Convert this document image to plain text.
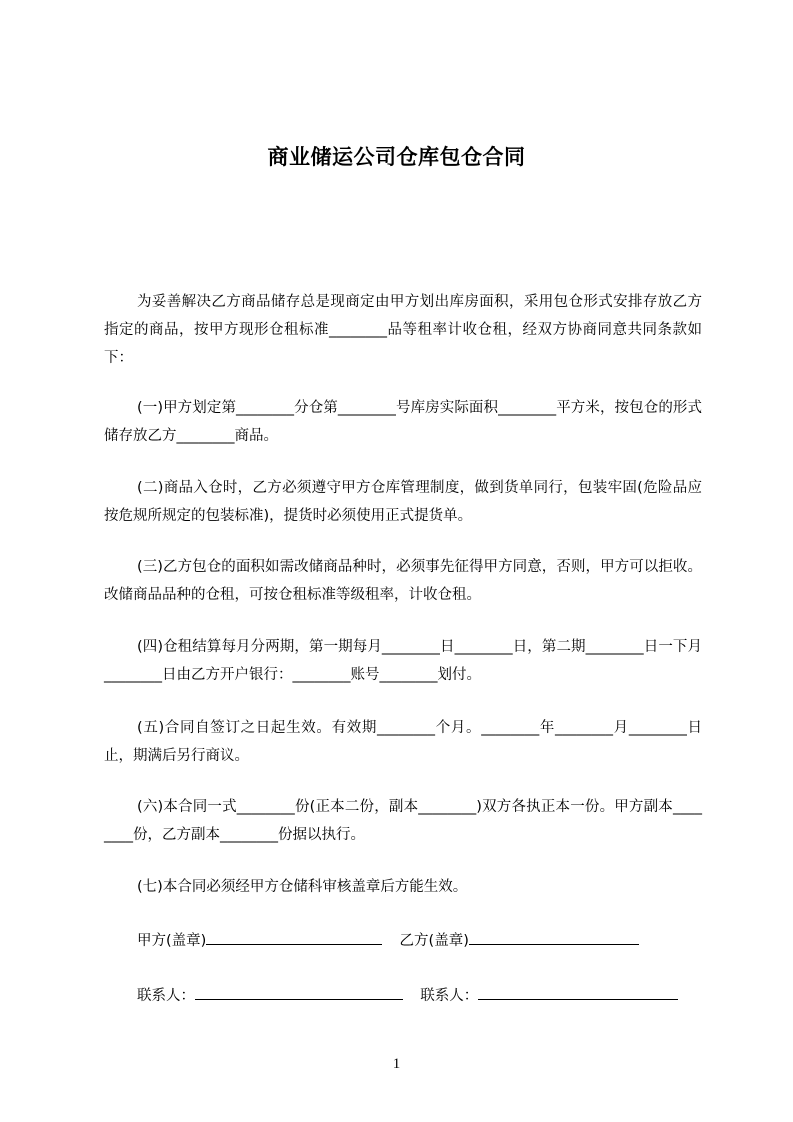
商业储运公司仓库包仓合同

为妥善解决乙方商品储存总是现商定由甲方划出库房面积，采用包仓形式安排存放乙方指定的商品，按甲方现形仓租标准________品等租率计收仓租，经双方协商同意共同条款如下：

(一)甲方划定第________分仓第________号库房实际面积________平方米，按包仓的形式储存放乙方________商品。

(二)商品入仓时，乙方必须遵守甲方仓库管理制度，做到货单同行，包装牢固(危险品应按危规所规定的包装标准)，提货时必须使用正式提货单。

(三)乙方包仓的面积如需改储商品种时，必须事先征得甲方同意，否则，甲方可以拒收。改储商品品种的仓租，可按仓租标准等级租率，计收仓租。

(四)仓租结算每月分两期，第一期每月________日________日，第二期________日一下月________日由乙方开户银行：________账号________划付。

(五)合同自签订之日起生效。有效期________个月。________年________月________日止，期满后另行商议。

(六)本合同一式________份(正本二份，副本________)双方各执正本一份。甲方副本________份，乙方副本________份据以执行。

(七)本合同必须经甲方仓储科审核盖章后方能生效。

甲方(盖章)	乙方(盖章)
联系人：	联系人：
1
